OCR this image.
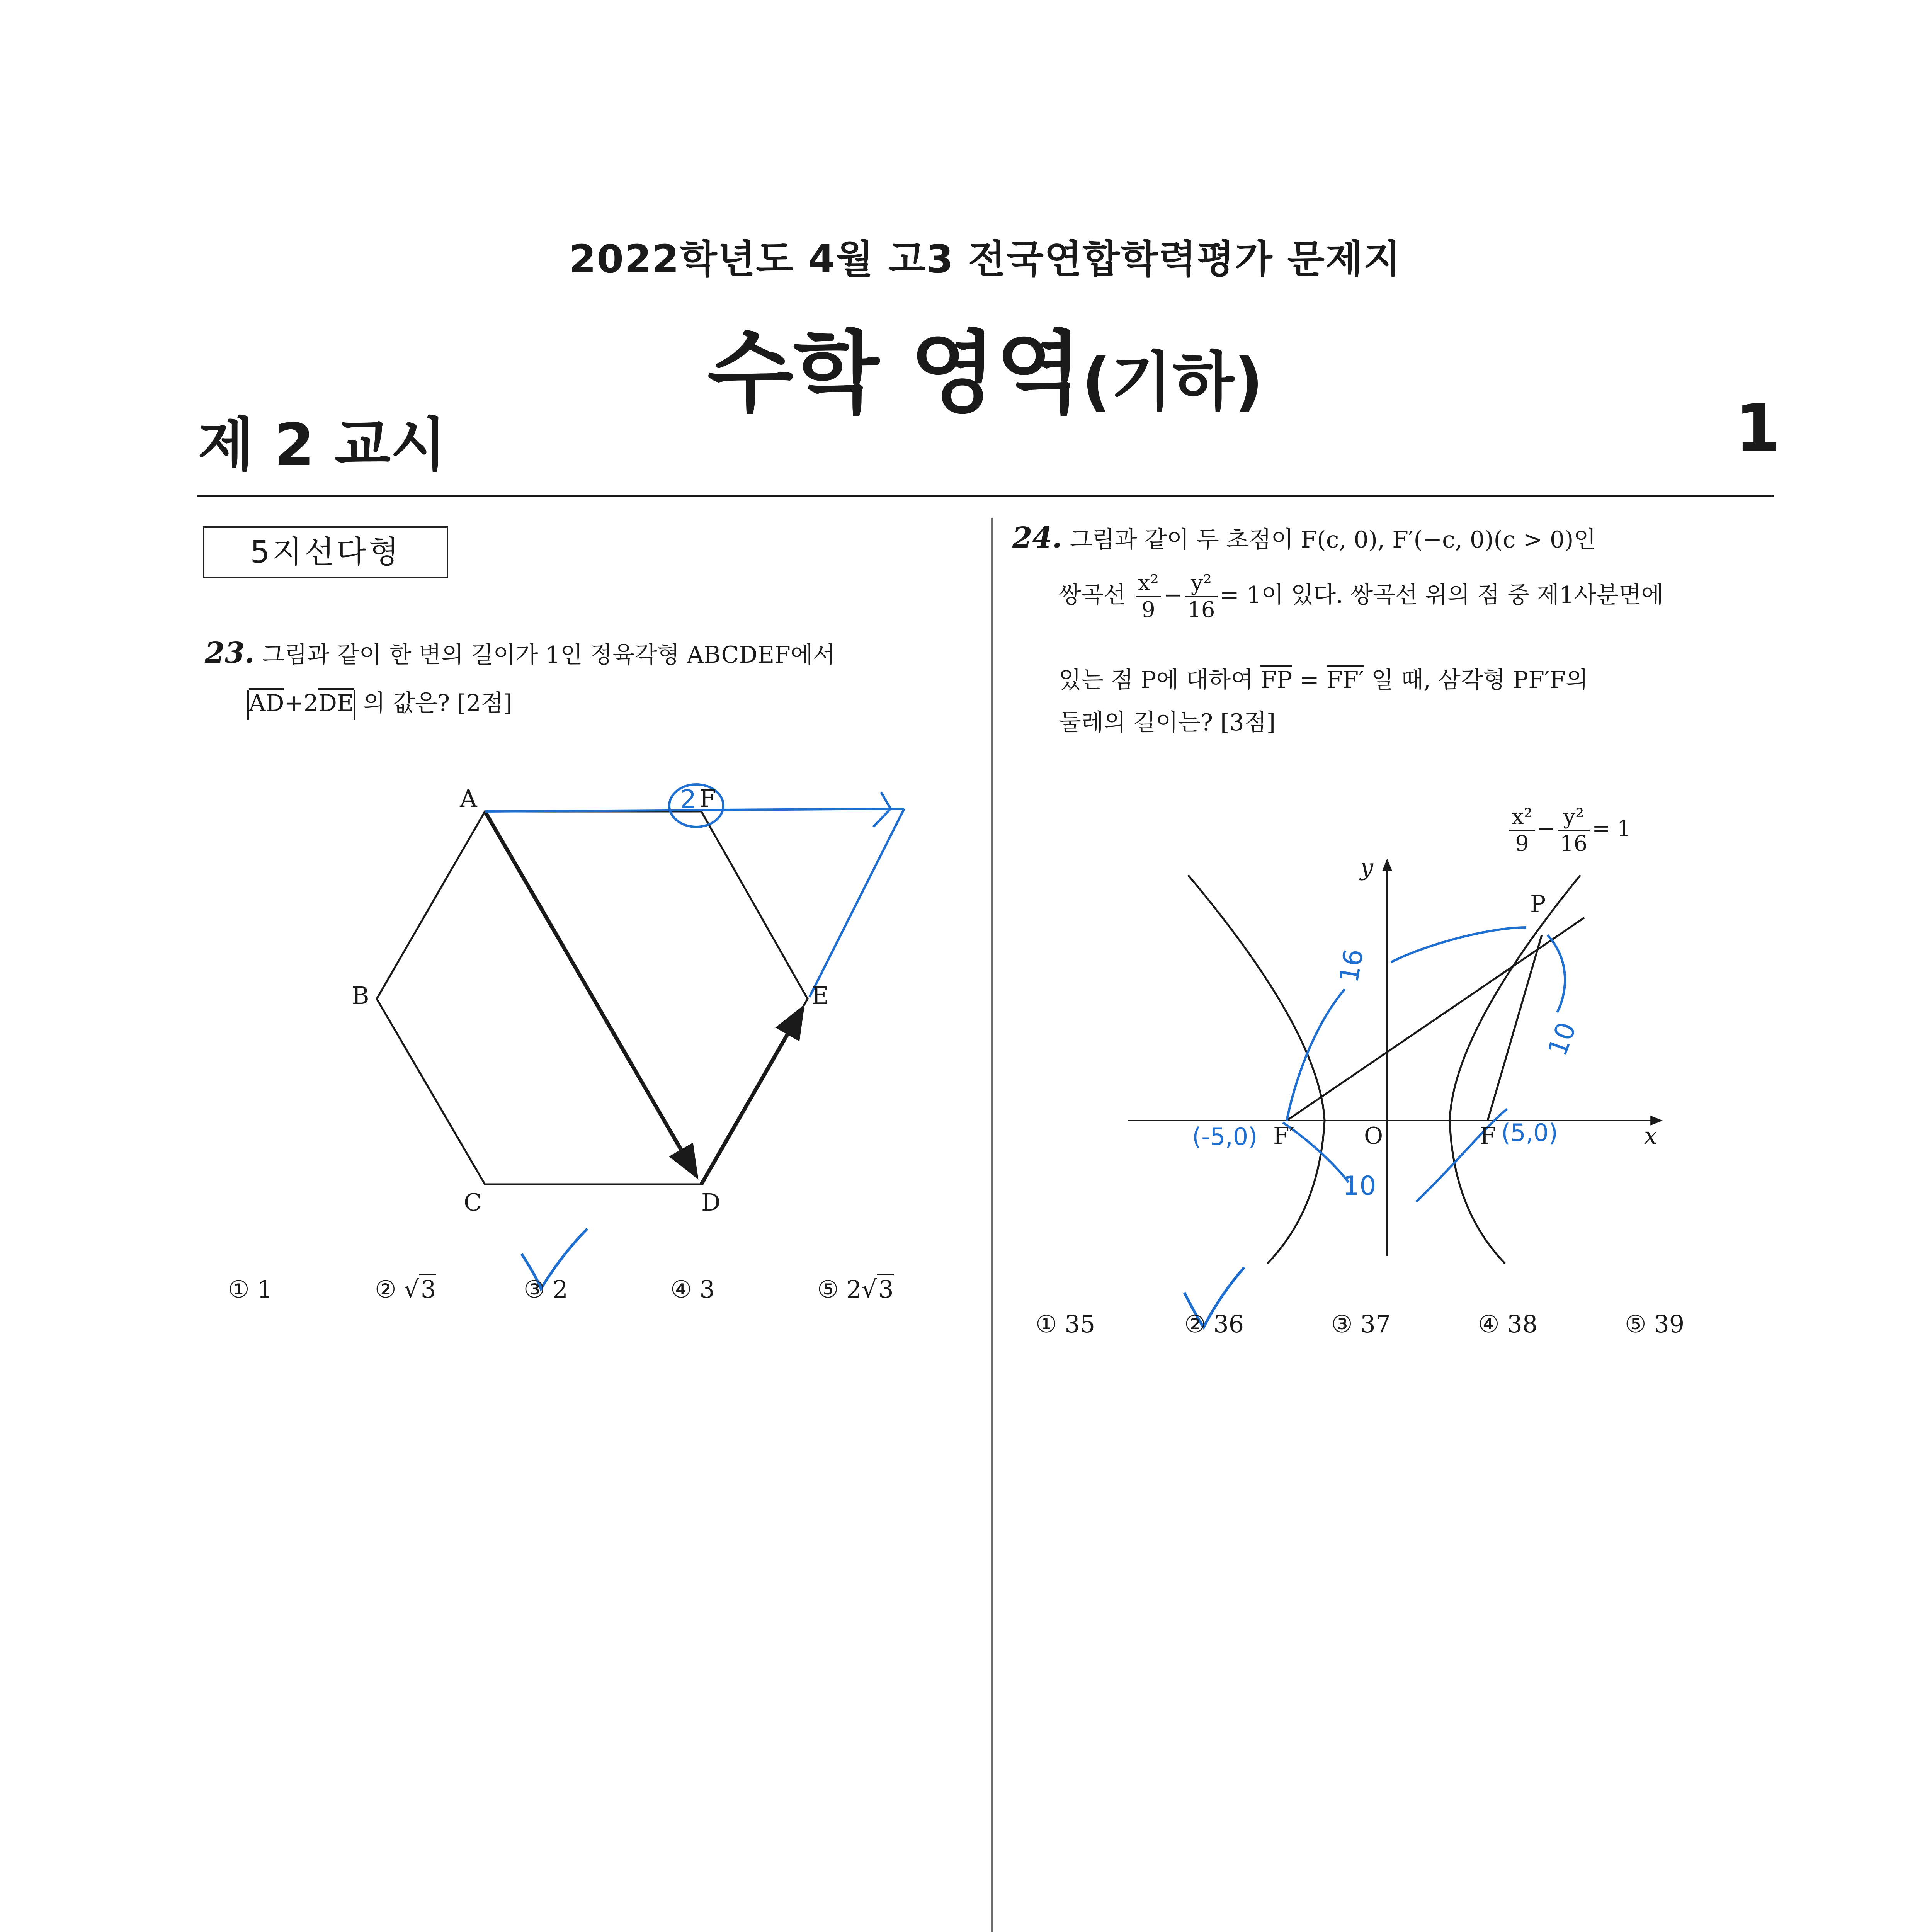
2022학년도 4월 고3 전국연합학력평가 문제지
수학 영역(기하)
제 2 교시	1
5지선다형
23. 그림과 같이 한 변의 길이가 1인 정육각형 ABCDEF에서
AD+2DE 의 값은? [2점]
A
B
C	D
E
F
2
① 1	② √3	③ 2	④ 3	⑤ 2√3
24. 그림과 같이 두 초점이 F(c, 0), F′(−c, 0)(c > 0)인
쌍곡선 $\frac{\text{x²}}{9} - \frac{\text{y²}}{16} = 1$이 있다. 쌍곡선 위의 점 중 제1사분면에
있는 점 P에 대하여 FP = FF′ 일 때, 삼각형 PF′F의
둘레의 길이는? [3점]
y
x
O
P
F
F′
$\frac{\text{x²}}{9} - \frac{\text{y²}}{16} = 1$
(-5,0)	(5,0)
16
10
10
① 35	② 36	③ 37	④ 38	⑤ 39
